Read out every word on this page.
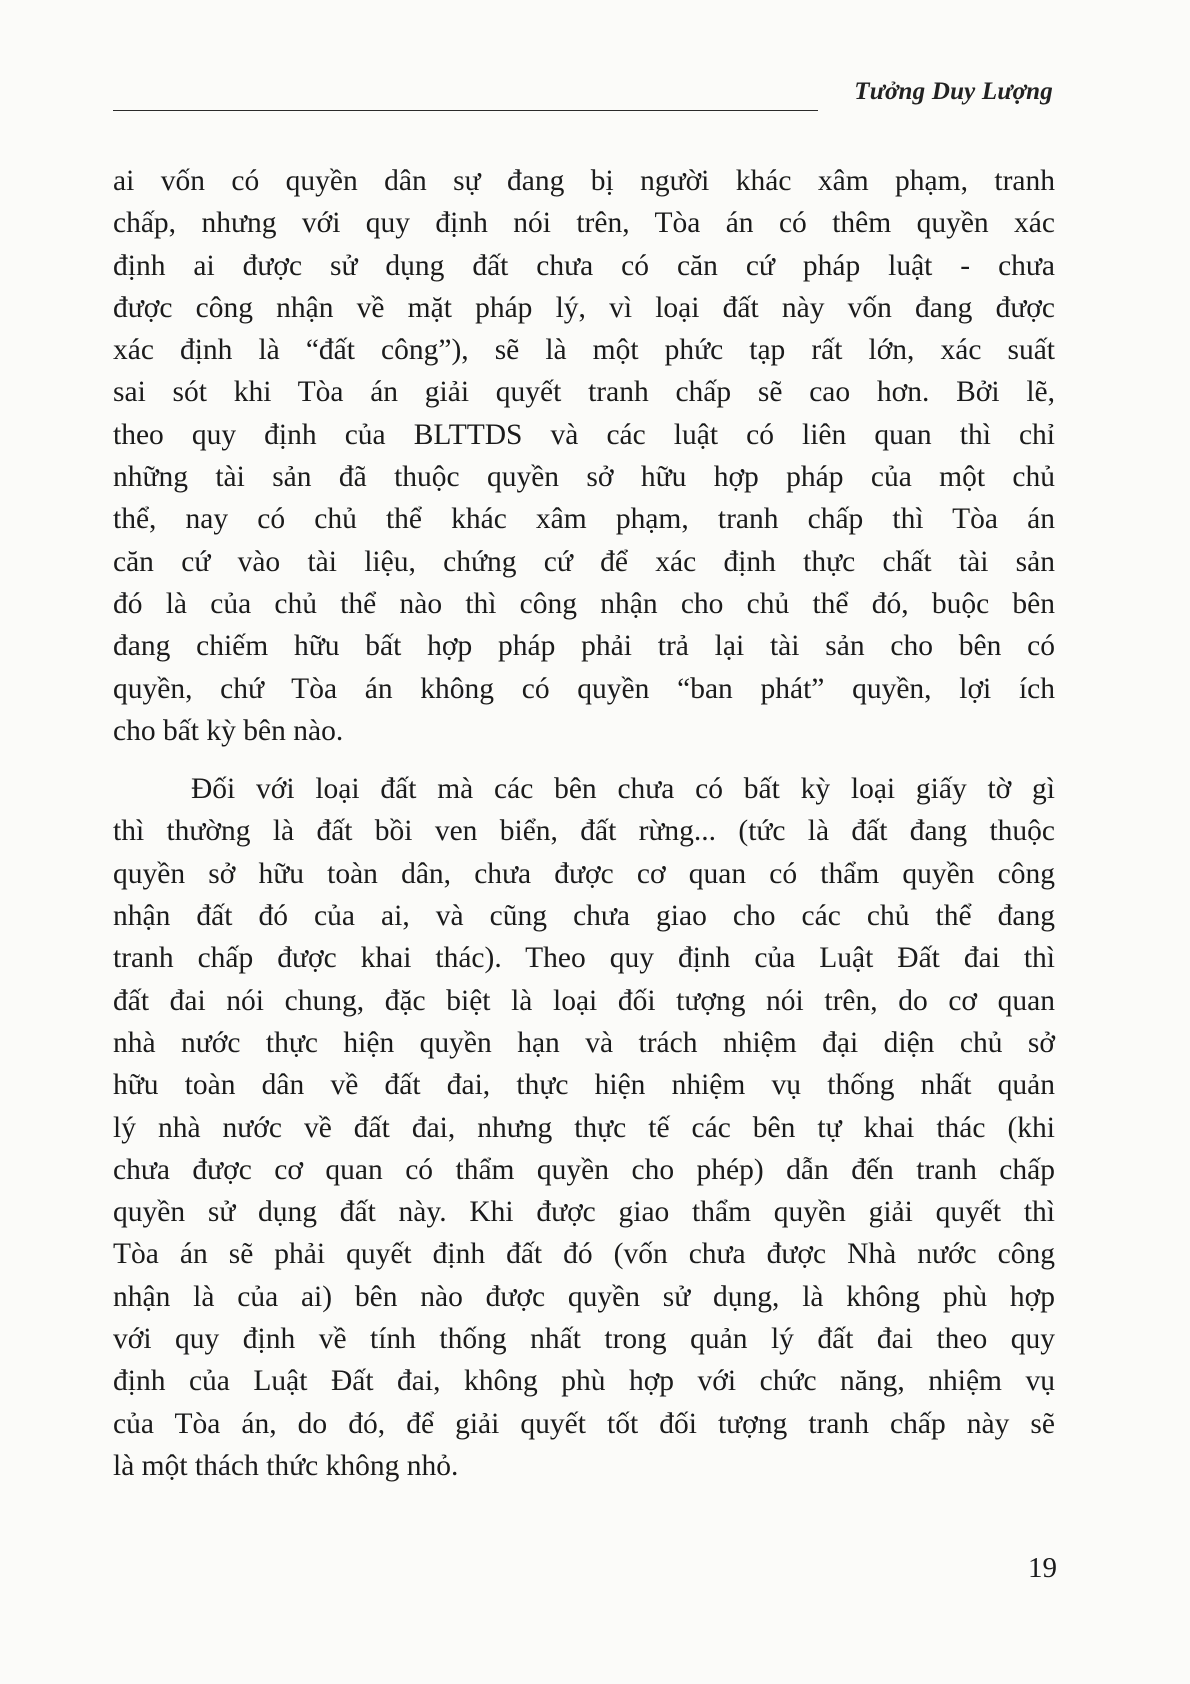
Tưởng Duy Lượng
ai vốn có quyền dân sự đang bị người khác xâm phạm, tranh
chấp, nhưng với quy định nói trên, Tòa án có thêm quyền xác
định ai được sử dụng đất chưa có căn cứ pháp luật - chưa
được công nhận về mặt pháp lý, vì loại đất này vốn đang được
xác định là “đất công”), sẽ là một phức tạp rất lớn, xác suất
sai sót khi Tòa án giải quyết tranh chấp sẽ cao hơn. Bởi lẽ,
theo quy định của BLTTDS và các luật có liên quan thì chỉ
những tài sản đã thuộc quyền sở hữu hợp pháp của một chủ
thể, nay có chủ thể khác xâm phạm, tranh chấp thì Tòa án
căn cứ vào tài liệu, chứng cứ để xác định thực chất tài sản
đó là của chủ thể nào thì công nhận cho chủ thể đó, buộc bên
đang chiếm hữu bất hợp pháp phải trả lại tài sản cho bên có
quyền, chứ Tòa án không có quyền “ban phát” quyền, lợi ích
cho bất kỳ bên nào.
Đối với loại đất mà các bên chưa có bất kỳ loại giấy tờ gì
thì thường là đất bồi ven biển, đất rừng... (tức là đất đang thuộc
quyền sở hữu toàn dân, chưa được cơ quan có thẩm quyền công
nhận đất đó của ai, và cũng chưa giao cho các chủ thể đang
tranh chấp được khai thác). Theo quy định của Luật Đất đai thì
đất đai nói chung, đặc biệt là loại đối tượng nói trên, do cơ quan
nhà nước thực hiện quyền hạn và trách nhiệm đại diện chủ sở
hữu toàn dân về đất đai, thực hiện nhiệm vụ thống nhất quản
lý nhà nước về đất đai, nhưng thực tế các bên tự khai thác (khi
chưa được cơ quan có thẩm quyền cho phép) dẫn đến tranh chấp
quyền sử dụng đất này. Khi được giao thẩm quyền giải quyết thì
Tòa án sẽ phải quyết định đất đó (vốn chưa được Nhà nước công
nhận là của ai) bên nào được quyền sử dụng, là không phù hợp
với quy định về tính thống nhất trong quản lý đất đai theo quy
định của Luật Đất đai, không phù hợp với chức năng, nhiệm vụ
của Tòa án, do đó, để giải quyết tốt đối tượng tranh chấp này sẽ
là một thách thức không nhỏ.
19
